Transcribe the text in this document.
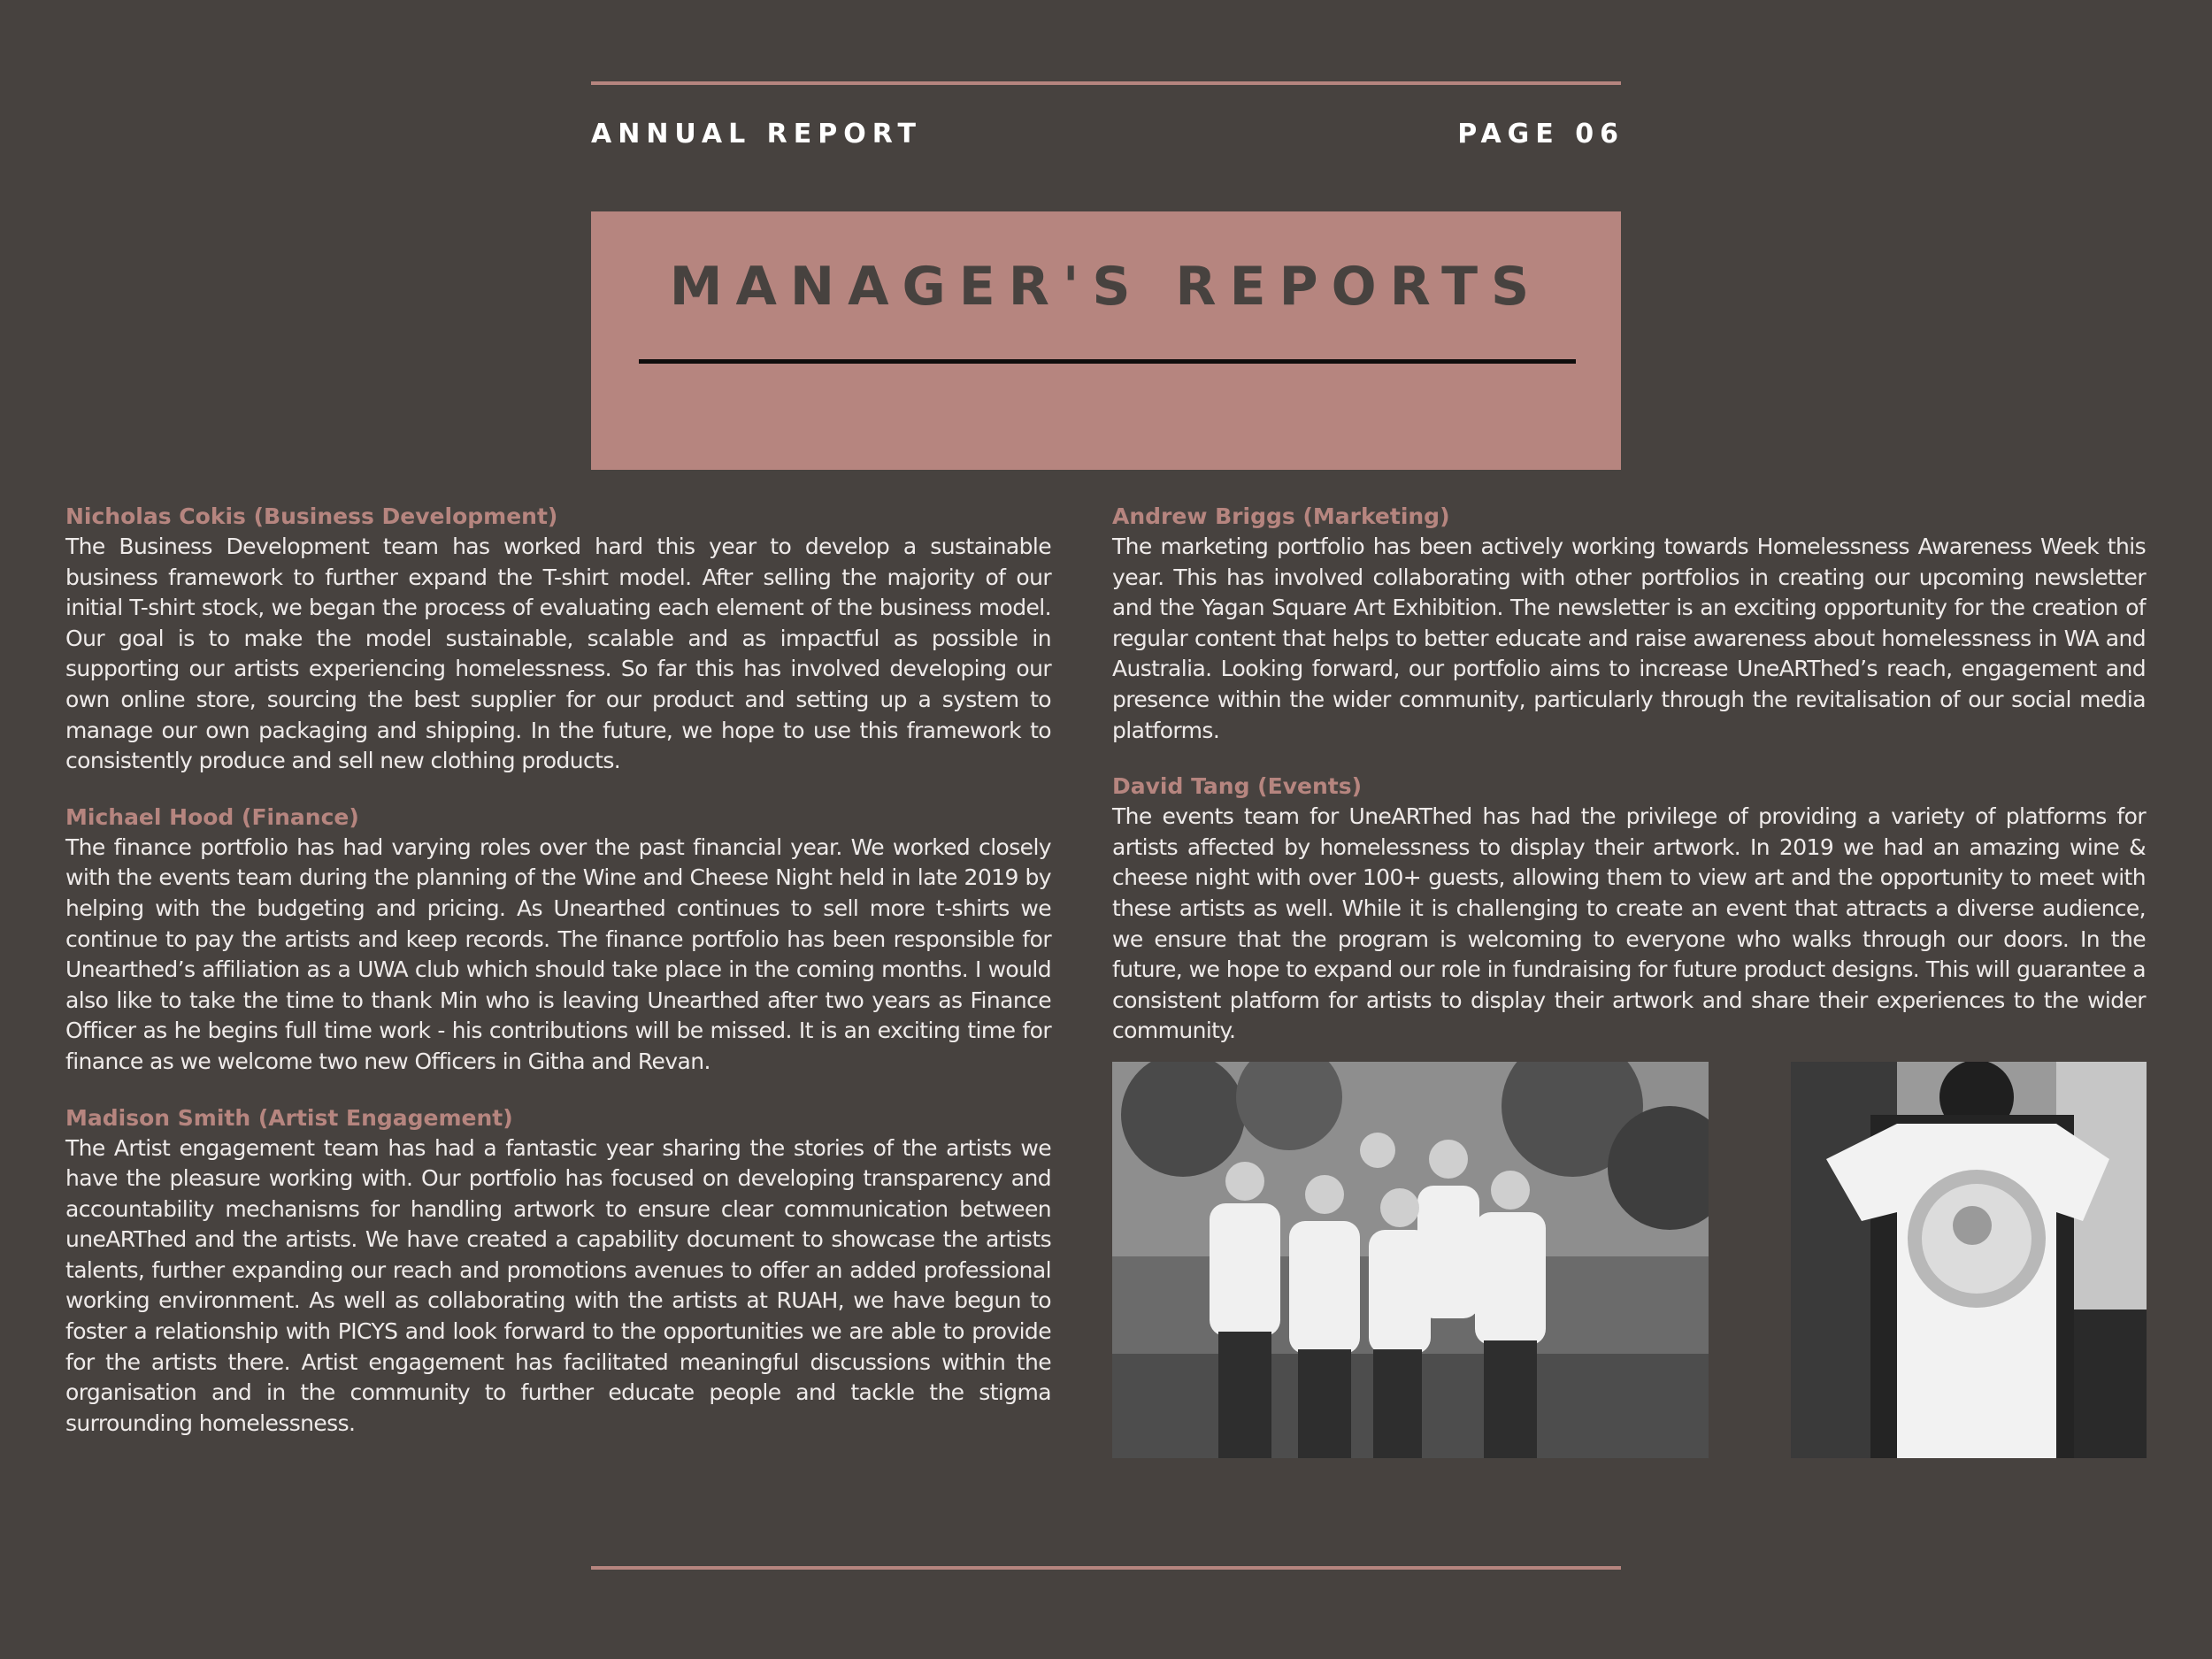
ANNUAL REPORT	PAGE 06
MANAGER'S REPORTS
Nicholas Cokis (Business Development)

The Business Development team has worked hard this year to develop a sustainable business framework to further expand the T-shirt model. After selling the majority of our initial T-shirt stock, we began the process of evaluating each element of the business model. Our goal is to make the model sustainable, scalable and as impactful as possible in supporting our artists experiencing homelessness. So far this has involved developing our own online store, sourcing the best supplier for our product and setting up a system to manage our own packaging and shipping. In the future, we hope to use this framework to consistently produce and sell new clothing products.

Michael Hood (Finance)

The finance portfolio has had varying roles over the past financial year. We worked closely with the events team during the planning of the Wine and Cheese Night held in late 2019 by helping with the budgeting and pricing. As Unearthed continues to sell more t-shirts we continue to pay the artists and keep records. The finance portfolio has been responsible for Unearthed’s affiliation as a UWA club which should take place in the coming months. I would also like to take the time to thank Min who is leaving Unearthed after two years as Finance Officer as he begins full time work - his contributions will be missed. It is an exciting time for finance as we welcome two new Officers in Githa and Revan.

Madison Smith (Artist Engagement)

The Artist engagement team has had a fantastic year sharing the stories of the artists we have the pleasure working with. Our portfolio has focused on developing transparency and accountability mechanisms for handling artwork to ensure clear communication between uneARThed and the artists. We have created a capability document to showcase the artists talents, further expanding our reach and promotions avenues to offer an added professional working environment. As well as collaborating with the artists at RUAH, we have begun to foster a relationship with PICYS and look forward to the opportunities we are able to provide for the artists there. Artist engagement has facilitated meaningful discussions within the organisation and in the community to further educate people and tackle the stigma surrounding homelessness.

Andrew Briggs (Marketing)

The marketing portfolio has been actively working towards Homelessness Awareness Week this year. This has involved collaborating with other portfolios in creating our upcoming newsletter and the Yagan Square Art Exhibition. The newsletter is an exciting opportunity for the creation of regular content that helps to better educate and raise awareness about homelessness in WA and Australia. Looking forward, our portfolio aims to increase UneARThed’s reach, engagement and presence within the wider community, particularly through the revitalisation of our social media platforms.

David Tang (Events)

The events team for UneARThed has had the privilege of providing a variety of platforms for artists affected by homelessness to display their artwork. In 2019 we had an amazing wine & cheese night with over 100+ guests, allowing them to view art and the opportunity to meet with these artists as well. While it is challenging to create an event that attracts a diverse audience, we ensure that the program is welcoming to everyone who walks through our doors. In the future, we hope to expand our role in fundraising for future product designs. This will guarantee a consistent platform for artists to display their artwork and share their experiences to the wider community.
